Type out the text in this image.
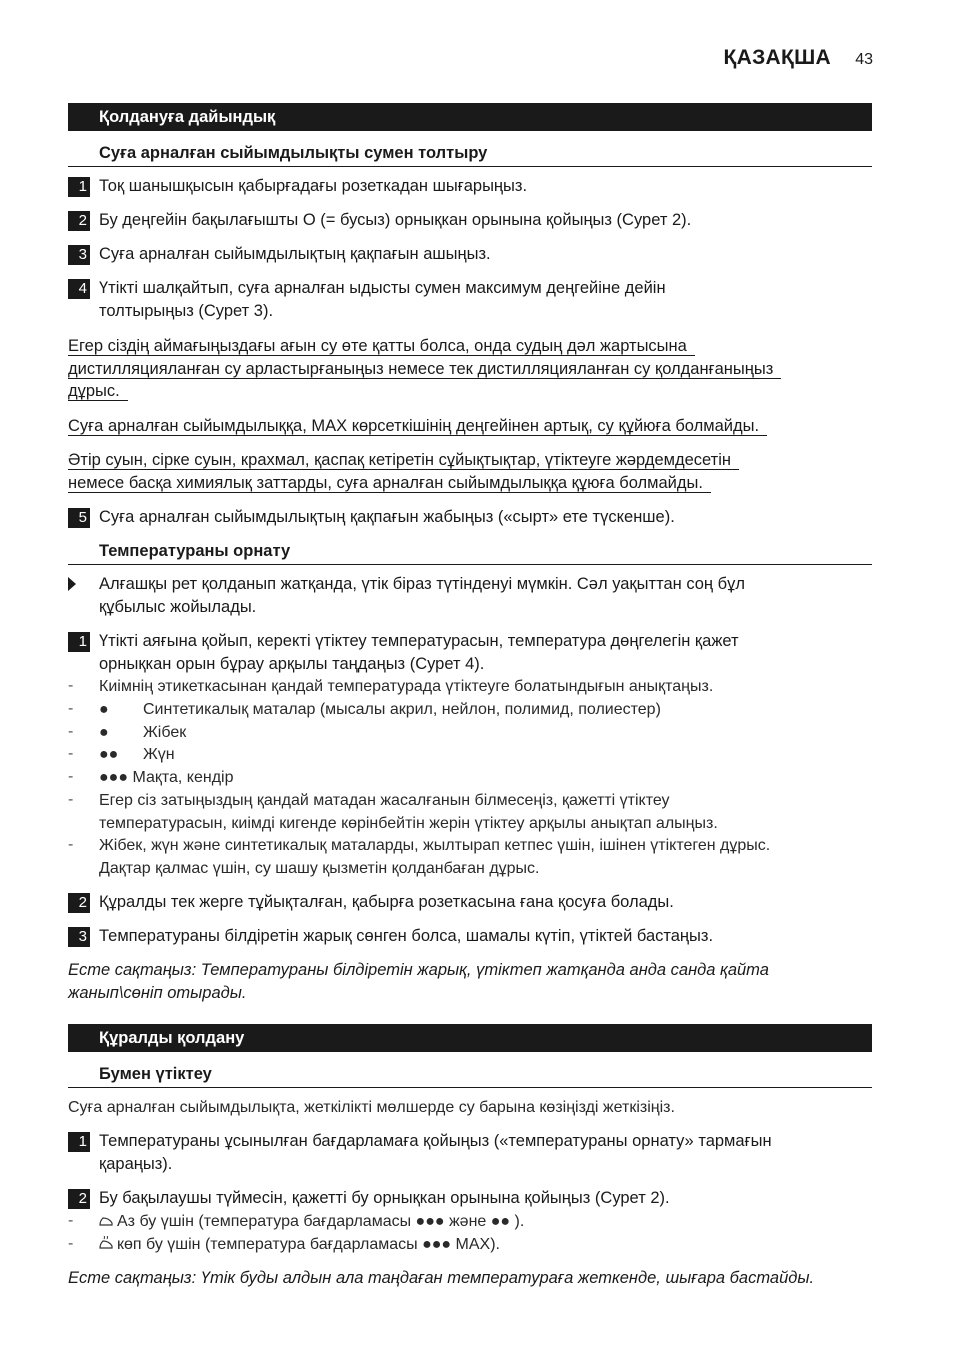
ҚАЗАҚША 43
Қолдануға дайындық
Суға арналған сыйымдылықты сумен толтыру
1 Тоқ шанышқысын қабырғадағы розеткадан шығарыңыз.
2 Бу деңгейін бақылағышты О (= бусыз) орнықкан орынына қойыңыз (Сурет 2).
3 Суға арналған сыйымдылықтың қақпағын ашыңыз.
4 Үтікті шалқайтып, суға арналған ыдысты сумен максимум деңгейіне дейін
толтырыңыз (Сурет 3).
Егер сіздің аймағыңыздағы ағын су өте қатты болса, онда судың дәл жартысына
дистилляцияланған су арластырғаныңыз немесе тек дистилляцияланған су қолданғаныңыз
дұрыс.
Суға арналған сыйымдылыққа, MAX көрсеткішінің деңгейінен артық, су құйюға болмайды.
Әтір суын, сірке суын, крахмал, қаспақ кетіретін сұйықтықтар, үтіктеуге жәрдемдесетін
немесе басқа химиялық заттарды, суға арналған сыйымдылыққа құюға болмайды.
5 Суға арналған сыйымдылықтың қақпағын жабыңыз («сырт» ете түскенше).
Температураны орнату
Алғашқы рет қолданып жатқанда, үтік біраз түтінденуі мүмкін. Сәл уақыттан соң бұл
құбылыс жойылады.
1 Үтікті аяғына қойып, керекті үтіктеу температурасын, температура дөңгелегін қажет
орнықкан орын бұрау арқылы таңдаңыз (Сурет 4).
- Киімнің этикеткасынан қандай температурада үтіктеуге болатындығын анықтаңыз.
- ● Синтетикалық маталар (мысалы акрил, нейлон, полимид, полиестер)
- ● Жібек
- ●● Жүн
- ●●● Мақта, кендір
- Егер сіз затыңыздың қандай матадан жасалғанын білмесеңіз, қажетті үтіктеу
температурасын, киімді кигенде көрінбейтін жерін үтіктеу арқылы анықтап алыңыз.
- Жібек, жүн және синтетикалық маталарды, жылтырап кетпес үшін, ішінен үтіктеген дұрыс.
Дақтар қалмас үшін, су шашу қызметін қолданбаған дұрыс.
2 Құралды тек жерге тұйықталған, қабырға розеткасына ғана қосуға болады.
3 Температураны білдіретін жарық сөнген болса, шамалы күтіп, үтіктей бастаңыз.
Есте сақтаңыз: Температураны білдіретін жарық, үтіктеп жатқанда анда санда қайта
жанып\сөніп отырады.
Құралды қолдану
Бумен үтіктеу
Суға арналған сыйымдылықта, жеткілікті мөлшерде су барына көзіңізді жеткізіңіз.
1 Температураны ұсынылған бағдарламаға қойыңыз («температураны орнату» тармағын
қараңыз).
2 Бу бақылаушы түймесін, қажетті бу орнықкан орынына қойыңыз (Сурет 2).
-	Аз бу үшін (температура бағдарламасы ●●● және ●● ).
-	көп бу үшін (температура бағдарламасы ●●● MAX).
Есте сақтаңыз: Үтік буды алдын ала таңдаған температураға жеткенде, шығара бастайды.
